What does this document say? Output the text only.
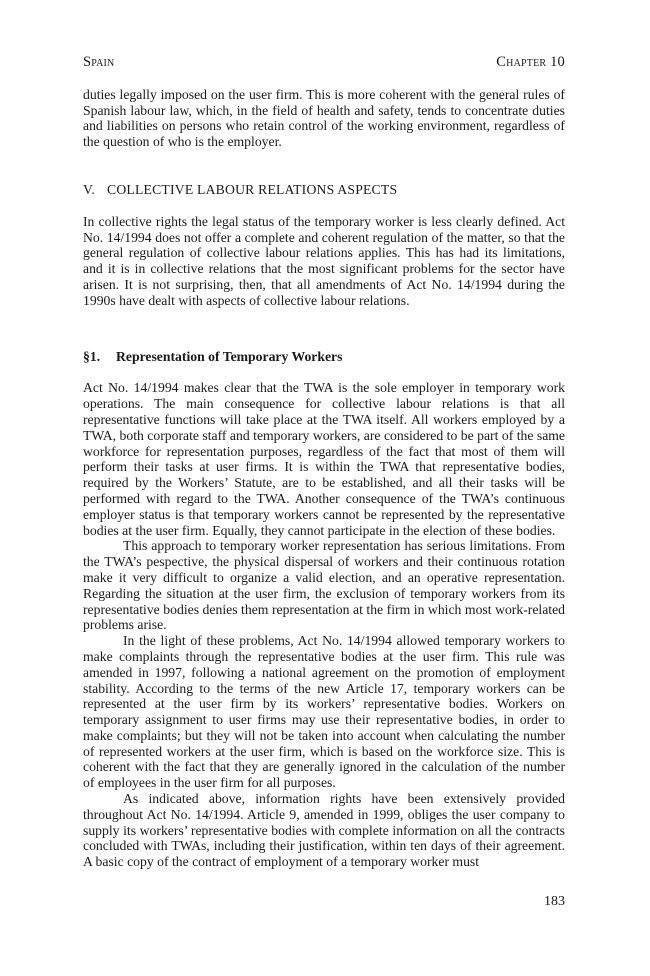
Spain	Chapter 10

duties legally imposed on the user firm. This is more coherent with the general rules of Spanish labour law, which, in the field of health and safety, tends to concentrate duties and liabilities on persons who retain control of the working environment, regardless of the question of who is the employer.

V. COLLECTIVE LABOUR RELATIONS ASPECTS

In collective rights the legal status of the temporary worker is less clearly defined. Act No. 14/1994 does not offer a complete and coherent regulation of the matter, so that the general regulation of collective labour relations applies. This has had its limitations, and it is in collective relations that the most significant problems for the sector have arisen. It is not surprising, then, that all amendments of Act No. 14/1994 during the 1990s have dealt with aspects of collective labour relations.

§1. Representation of Temporary Workers

Act No. 14/1994 makes clear that the TWA is the sole employer in temporary work operations. The main consequence for collective labour relations is that all representative functions will take place at the TWA itself. All workers employed by a TWA, both corporate staff and temporary workers, are considered to be part of the same workforce for representation purposes, regardless of the fact that most of them will perform their tasks at user firms. It is within the TWA that representative bodies, required by the Workers’ Statute, are to be established, and all their tasks will be performed with regard to the TWA. Another consequence of the TWA’s continuous employer status is that temporary workers cannot be represented by the representative bodies at the user firm. Equally, they cannot participate in the election of these bodies.

This approach to temporary worker representation has serious limitations. From the TWA’s pespective, the physical dispersal of workers and their continuous rotation make it very difficult to organize a valid election, and an operative representation. Regarding the situation at the user firm, the exclusion of temporary workers from its representative bodies denies them representation at the firm in which most work-related problems arise.

In the light of these problems, Act No. 14/1994 allowed temporary workers to make complaints through the representative bodies at the user firm. This rule was amended in 1997, following a national agreement on the promotion of employment stability. According to the terms of the new Article 17, temporary workers can be represented at the user firm by its workers’ representative bodies. Workers on temporary assignment to user firms may use their representative bodies, in order to make complaints; but they will not be taken into account when calculating the number of represented workers at the user firm, which is based on the workforce size. This is coherent with the fact that they are generally ignored in the calculation of the number of employees in the user firm for all purposes.

As indicated above, information rights have been extensively provided throughout Act No. 14/1994. Article 9, amended in 1999, obliges the user company to supply its workers’ representative bodies with complete information on all the contracts concluded with TWAs, including their justification, within ten days of their agreement. A basic copy of the contract of employment of a temporary worker must

183
